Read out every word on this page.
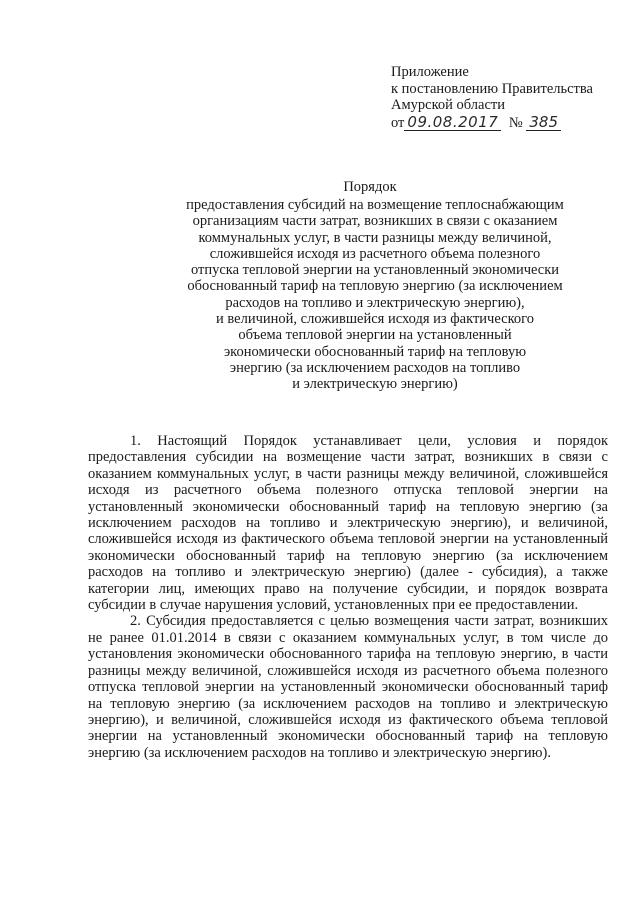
Приложение
к постановлению Правительства
Амурской области
от 09.08.2017 № 385
Порядок
предоставления субсидий на возмещение теплоснабжающим
организациям части затрат, возникших в связи с оказанием
коммунальных услуг, в части разницы между величиной,
сложившейся исходя из расчетного объема полезного
отпуска тепловой энергии на установленный экономически
обоснованный тариф на тепловую энергию (за исключением
расходов на топливо и электрическую энергию),
и величиной, сложившейся исходя из фактического
объема тепловой энергии на установленный
экономически обоснованный тариф на тепловую
энергию (за исключением расходов на топливо
и электрическую энергию)

1. Настоящий Порядок устанавливает цели, условия и порядок предоставления субсидии на возмещение части затрат, возникших в связи с оказанием коммунальных услуг, в части разницы между величиной, сложившейся исходя из расчетного объема полезного отпуска тепловой энергии на установленный экономически обоснованный тариф на тепловую энергию (за исключением расходов на топливо и электрическую энергию), и величиной, сложившейся исходя из фактического объема тепловой энергии на установленный экономически обоснованный тариф на тепловую энергию (за исключением расходов на топливо и электрическую энергию) (далее - субсидия), а также категории лиц, имеющих право на получение субсидии, и порядок возврата субсидии в случае нарушения условий, установленных при ее предоставлении.

2. Субсидия предоставляется с целью возмещения части затрат, возникших не ранее 01.01.2014 в связи с оказанием коммунальных услуг, в том числе до установления экономически обоснованного тарифа на тепловую энергию, в части разницы между величиной, сложившейся исходя из расчетного объема полезного отпуска тепловой энергии на установленный экономически обоснованный тариф на тепловую энергию (за исключением расходов на топливо и электрическую энергию), и величиной, сложившейся исходя из фактического объема тепловой энергии на установленный экономически обоснованный тариф на тепловую энергию (за исключением расходов на топливо и электрическую энергию).
